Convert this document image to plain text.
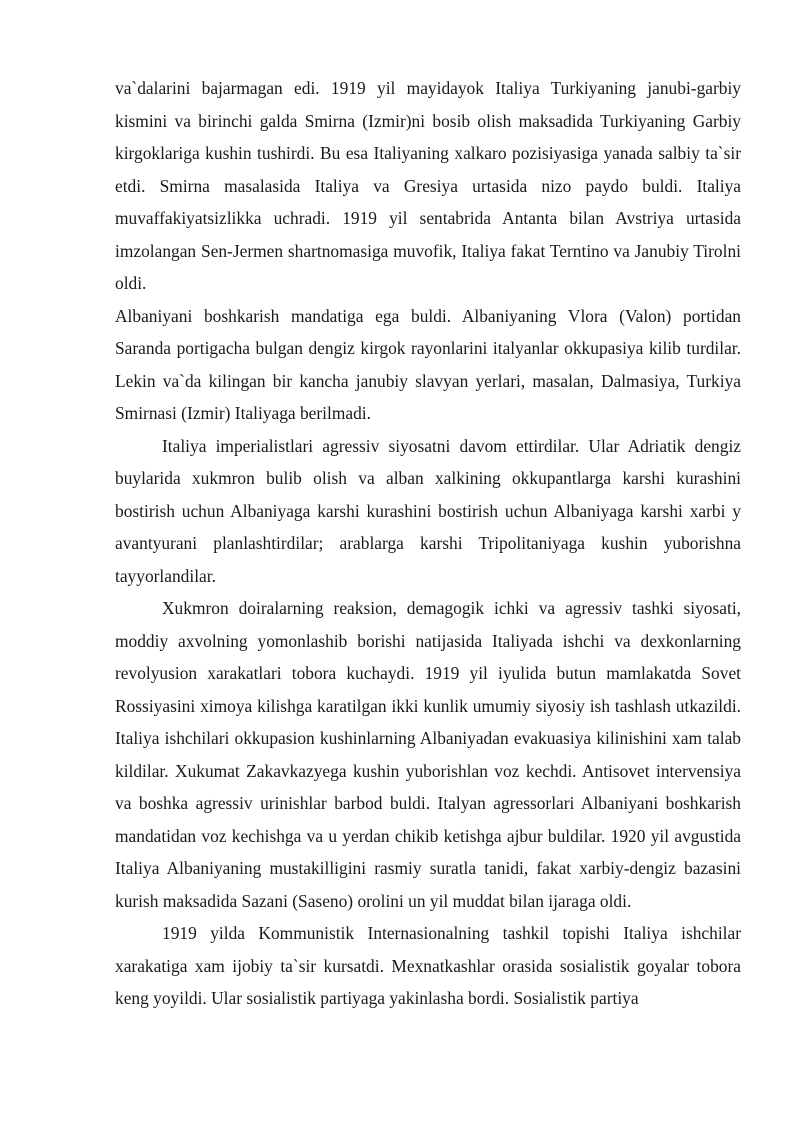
va`dalarini bajarmagan edi. 1919 yil mayidayok Italiya Turkiyaning janubi-garbiy kismini va birinchi galda Smirna (Izmir)ni bosib olish maksadida Turkiyaning Garbiy kirgoklariga kushin tushirdi. Bu esa Italiyaning xalkaro pozisiyasiga yanada salbiy ta`sir etdi. Smirna masalasida Italiya va Gresiya urtasida nizo paydo buldi. Italiya muvaffakiyatsizlikka uchradi. 1919 yil sentabrida Antanta bilan Avstriya urtasida imzolangan Sen-Jermen shartnomasiga muvofik, Italiya fakat Terntino va Janubiy Tirolni oldi.

Albaniyani boshkarish mandatiga ega buldi. Albaniyaning Vlora (Valon) portidan Saranda portigacha bulgan dengiz kirgok rayonlarini italyanlar okkupasiya kilib turdilar. Lekin va`da kilingan bir kancha janubiy slavyan yerlari, masalan, Dalmasiya, Turkiya Smirnasi (Izmir) Italiyaga berilmadi.

Italiya imperialistlari agressiv siyosatni davom ettirdilar. Ular Adriatik dengiz buylarida xukmron bulib olish va alban xalkining okkupantlarga karshi kurashini bostirish uchun Albaniyaga karshi kurashini bostirish uchun Albaniyaga karshi xarbi y avantyurani planlashtirdilar; arablarga karshi Tripolitaniyaga kushin yuborishna tayyorlandilar.

Xukmron doiralarning reaksion, demagogik ichki va agressiv tashki siyosati, moddiy axvolning yomonlashib borishi natijasida Italiyada ishchi va dexkonlarning revolyusion xarakatlari tobora kuchaydi. 1919 yil iyulida butun mamlakatda Sovet Rossiyasini ximoya kilishga karatilgan ikki kunlik umumiy siyosiy ish tashlash utkazildi. Italiya ishchilari okkupasion kushinlarning Albaniyadan evakuasiya kilinishini xam talab kildilar. Xukumat Zakavkazyega kushin yuborishlan voz kechdi. Antisovet intervensiya va boshka agressiv urinishlar barbod buldi. Italyan agressorlari Albaniyani boshkarish mandatidan voz kechishga va u yerdan chikib ketishga ajbur buldilar. 1920 yil avgustida Italiya Albaniyaning mustakilligini rasmiy suratla tanidi, fakat xarbiy-dengiz bazasini kurish maksadida Sazani (Saseno) orolini un yil muddat bilan ijaraga oldi.

1919 yilda Kommunistik Internasionalning tashkil topishi Italiya ishchilar xarakatiga xam ijobiy ta`sir kursatdi. Mexnatkashlar orasida sosialistik goyalar tobora keng yoyildi. Ular sosialistik partiyaga yakinlasha bordi. Sosialistik partiya
